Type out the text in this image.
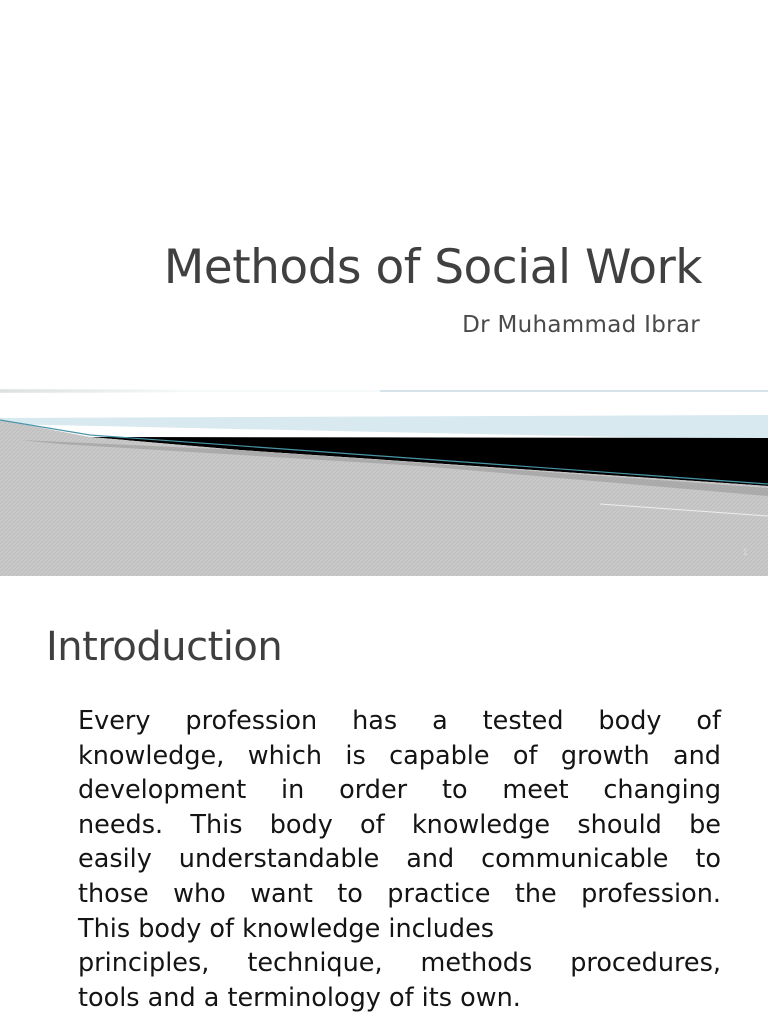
Methods of Social Work
Dr Muhammad Ibrar
1
Introduction
Every profession has a tested body of
knowledge, which is capable of growth and
development in order to meet changing
needs. This body of knowledge should be
easily understandable and communicable to
those who want to practice the profession.
This body of knowledge includes
principles, technique, methods procedures,
tools and a terminology of its own.
